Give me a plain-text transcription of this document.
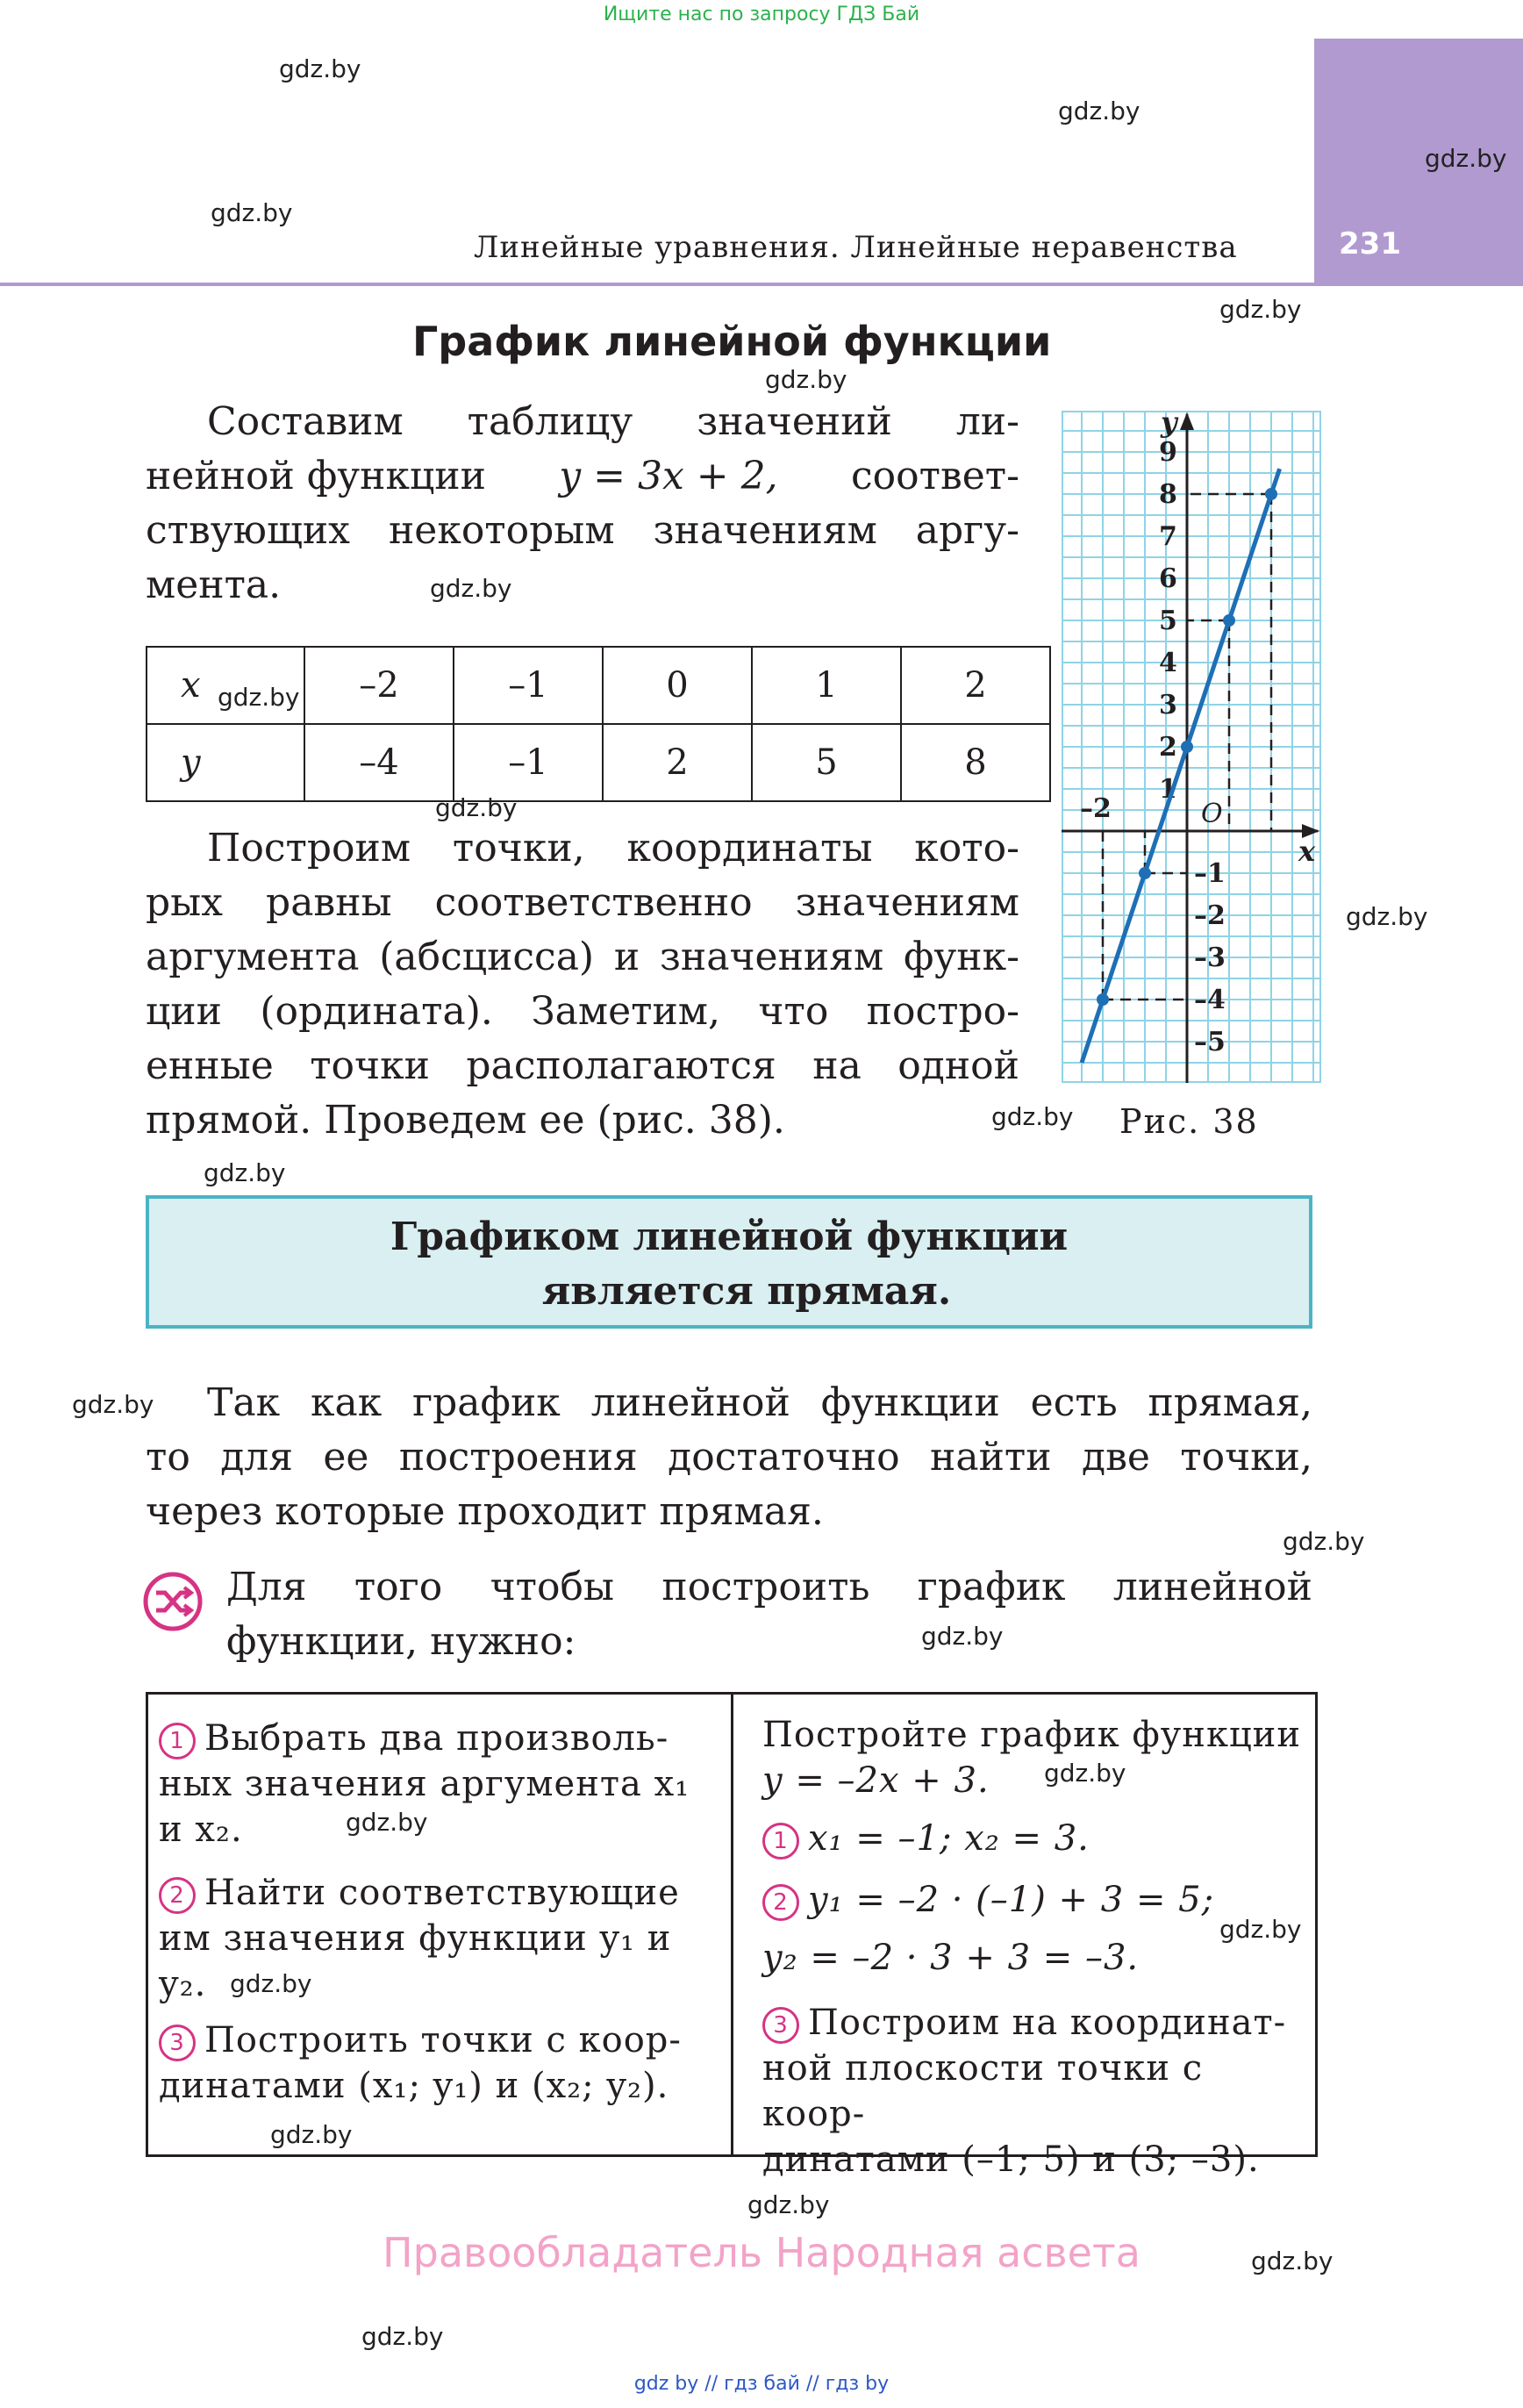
Ищите нас по запросу ГДЗ Бай
231
Линейные уравнения. Линейные неравенства
gdz.by
gdz.by
gdz.by
gdz.by
gdz.by
gdz.by
gdz.by
gdz.by
gdz.by
gdz.by
gdz.by
gdz.by
gdz.by
gdz.by
gdz.by
gdz.by
gdz.by
gdz.by
gdz.by
gdz.by
gdz.by
gdz.by
gdz.by
График линейной функции
Составим таблицу значений ли-
нейной функции y = 3x + 2, соответ-
ствующих некоторым значениям аргу-
мента.
x	–2	–1	0	1	2
y	–4	–1	2	5	8
Построим точки, координаты кото-
рых равны соответственно значениям
аргумента (абсцисса) и значениям функ-
ции (ордината). Заметим, что постро-
енные точки располагаются на одной
прямой. Проведем ее (рис. 38).
x
y
O
–2
9
8
7
6
5
4
3
2
1
–1
–2
–3
–4
–5
Рис. 38
Графиком линейной функции
является прямая.
Так как график линейной функции есть прямая,
то для ее построения достаточно найти две точки,
через которые проходит прямая.
Для того чтобы построить график линейной
функции, нужно:
1 Выбрать два произволь-
ных значения аргумента x₁
и x₂.
2 Найти соответствующие
им значения функции y₁ и
y₂.
3 Построить точки с коор-
динатами (x₁; y₁) и (x₂; y₂).
Постройте график функции
y = –2x + 3.
1 x₁ = –1; x₂ = 3.
2 y₁ = –2 · (–1) + 3 = 5;
y₂ = –2 · 3 + 3 = –3.
3 Построим на координат-
ной плоскости точки с коор-
динатами (–1; 5) и (3; –3).
Правообладатель Народная асвета
gdz by // гдз бай // гдз by
